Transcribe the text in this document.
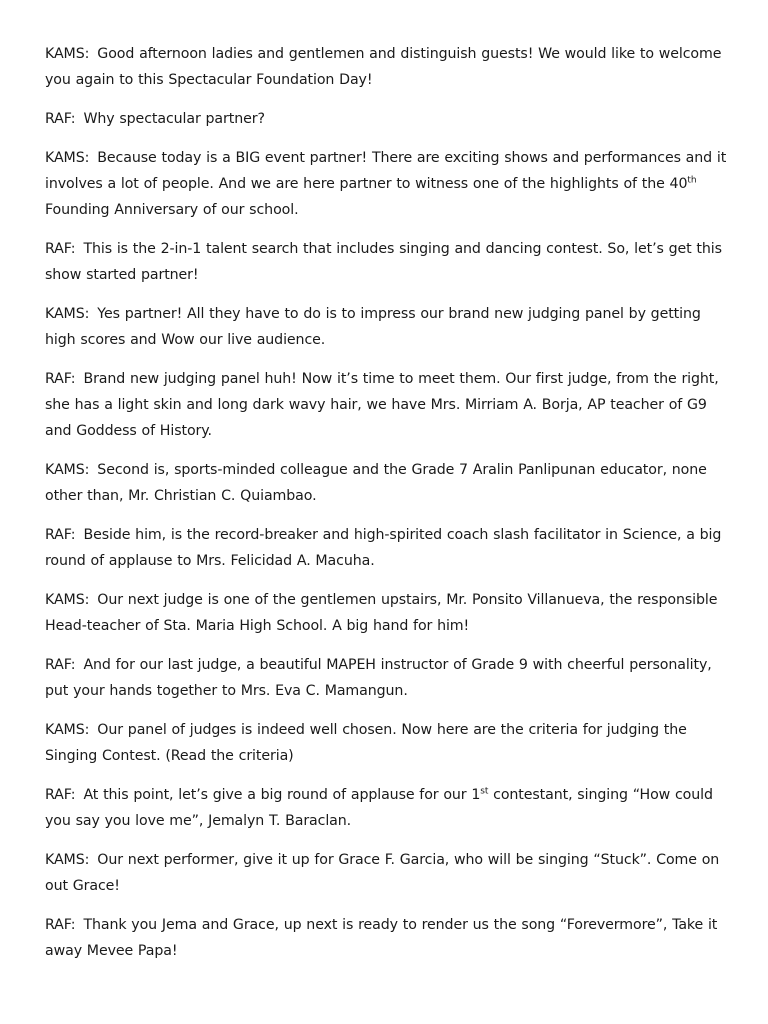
KAMS: Good afternoon ladies and gentlemen and distinguish guests! We would like to welcome you again to this Spectacular Foundation Day!

RAF: Why spectacular partner?

KAMS: Because today is a BIG event partner! There are exciting shows and performances and it involves a lot of people. And we are here partner to witness one of the highlights of the 40th Founding Anniversary of our school.

RAF: This is the 2-in-1 talent search that includes singing and dancing contest. So, let’s get this show started partner!

KAMS: Yes partner! All they have to do is to impress our brand new judging panel by getting high scores and Wow our live audience.

RAF: Brand new judging panel huh! Now it’s time to meet them. Our first judge, from the right, she has a light skin and long dark wavy hair, we have Mrs. Mirriam A. Borja, AP teacher of G9 and Goddess of History.

KAMS: Second is, sports-minded colleague and the Grade 7 Aralin Panlipunan educator, none other than, Mr. Christian C. Quiambao.

RAF: Beside him, is the record-breaker and high-spirited coach slash facilitator in Science, a big round of applause to Mrs. Felicidad A. Macuha.

KAMS: Our next judge is one of the gentlemen upstairs, Mr. Ponsito Villanueva, the responsible Head-teacher of Sta. Maria High School. A big hand for him!

RAF: And for our last judge, a beautiful MAPEH instructor of Grade 9 with cheerful personality, put your hands together to Mrs. Eva C. Mamangun.

KAMS: Our panel of judges is indeed well chosen. Now here are the criteria for judging the Singing Contest. (Read the criteria)

RAF: At this point, let’s give a big round of applause for our 1st contestant, singing “How could you say you love me”, Jemalyn T. Baraclan.

KAMS: Our next performer, give it up for Grace F. Garcia, who will be singing “Stuck”. Come on out Grace!

RAF: Thank you Jema and Grace, up next is ready to render us the song “Forevermore”, Take it away Mevee Papa!
